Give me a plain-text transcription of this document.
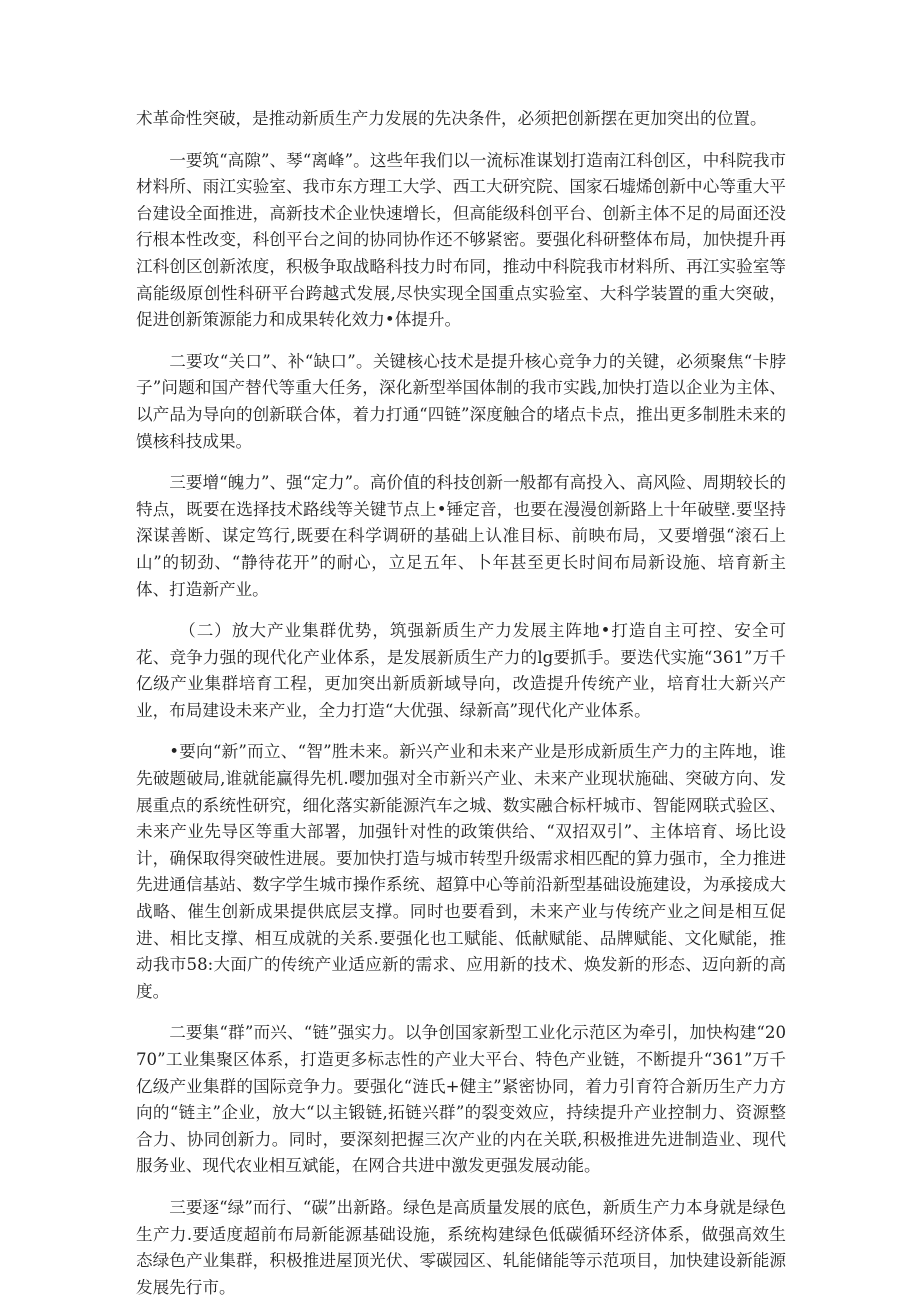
术革命性突破，是推动新质生产力发展的先决条件，必须把创新摆在更加突出的位置。

一要筑“高隙”、琴“离峰”。这些年我们以一流标准谋划打造南江科创区，中科院我市材料所、雨江实验室、我市东方理工大学、西工大研究院、国家石墟烯创新中心等重大平台建设全面推进，高新技术企业快速增长，但高能级科创平台、创新主体不足的局面还没行根本性改变，科创平台之间的协同协作还不够紧密。要强化科研整体布局，加快提升再江科创区创新浓度，积极争取战略科技力时布同，推动中科院我市材料所、再江实验室等高能级原创性科研平台跨越式发展,尽快实现全国重点实验室、大科学装置的重大突破，促进创新策源能力和成果转化效力•体提升。

二要攻“关口”、补“缺口”。关键核心技术是提升核心竞争力的关键，必须聚焦“卡脖子”问题和国产替代等重大任务，深化新型举国体制的我市实践,加快打造以企业为主体、以产品为导向的创新联合体，着力打通“四链”深度触合的堵点卡点，推出更多制胜未来的馍核科技成果。

三要增“魄力”、强“定力”。高价值的科技创新一般都有高投入、高风险、周期较长的特点，既要在选择技术路线等关键节点上•锤定音，也要在漫漫创新路上十年破壁.要坚持深谋善断、谋定笃行,既要在科学调研的基础上认准目标、前映布局，又要增强“滚石上山”的韧劲、“静待花开”的耐心，立足五年、卜年甚至更长时间布局新设施、培育新主体、打造新产业。

（二）放大产业集群优势，筑强新质生产力发展主阵地•打造自主可控、安全可花、竞争力强的现代化产业体系，是发展新质生产力的lg要抓手。要迭代实施“361”万千亿级产业集群培育工程，更加突出新质新域导向，改造提升传统产业，培育壮大新兴产业，布局建设未来产业，全力打造“大优强、绿新高”现代化产业体系。

•要向“新”而立、“智”胜未来。新兴产业和未来产业是形成新质生产力的主阵地，谁先破题破局,谁就能赢得先机.嘤加强对全市新兴产业、未来产业现状施础、突破方向、发展重点的系统性研究，细化落实新能源汽车之城、数实融合标杆城市、智能网联式验区、未来产业先导区等重大部署，加强针对性的政策供给、“双招双引”、主体培育、场比设计，确保取得突破性进展。要加快打造与城市转型升级需求相匹配的算力强市，全力推进先进通信基站、数字学生城市操作系统、超算中心等前沿新型基础设施建设，为承接成大战略、催生创新成果提供底层支撑。同时也要看到，未来产业与传统产业之间是相互促进、相比支撑、相互成就的关系.要强化也工赋能、低献赋能、品牌赋能、文化赋能，推动我市58:大面广的传统产业适应新的需求、应用新的技术、焕发新的形态、迈向新的高度。

二要集“群”而兴、“链”强实力。以争创国家新型工业化示范区为牵引，加快构建“2070”工业集聚区体系，打造更多标志性的产业大平台、特色产业链，不断提升“361”万千亿级产业集群的国际竞争力。要强化“涟氏+健主”紧密协同，着力引育符合新历生产力方向的“链主”企业，放大“以主锻链,拓链兴群”的裂变效应，持续提升产业控制力、资源整合力、协同创新力。同时，要深刻把握三次产业的内在关联,积极推进先进制造业、现代服务业、现代农业相互斌能，在网合共进中激发更强发展动能。

三要逐“绿”而行、“碳”出新路。绿色是高质量发展的底色，新质生产力本身就是绿色生产力.要适度超前布局新能源基础设施，系统构建绿色低碳循环经济体系，做强高效生态绿色产业集群，积极推进屋顶光伏、零碳园区、轧能储能等示范项目，加快建设新能源发展先行市。
